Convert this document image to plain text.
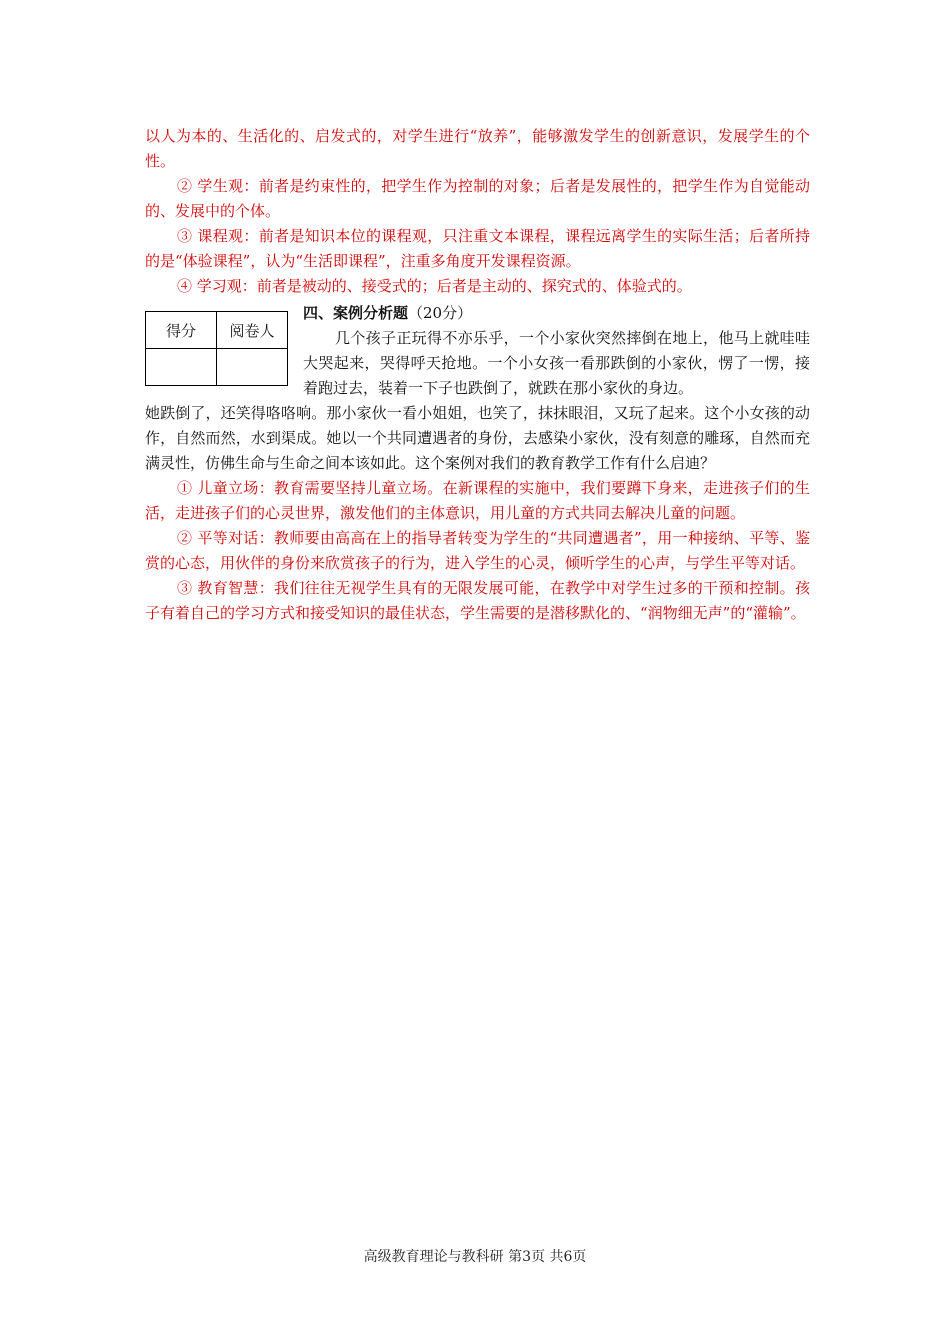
以人为本的、生活化的、启发式的，对学生进行“放养”，能够激发学生的创新意识，发展学生的个性。

② 学生观：前者是约束性的，把学生作为控制的对象；后者是发展性的，把学生作为自觉能动的、发展中的个体。

③ 课程观：前者是知识本位的课程观，只注重文本课程，课程远离学生的实际生活；后者所持的是“体验课程”，认为“生活即课程”，注重多角度开发课程资源。

④ 学习观：前者是被动的、接受式的；后者是主动的、探究式的、体验式的。

得分	阅卷人

四、案例分析题（20分）

几个孩子正玩得不亦乐乎，一个小家伙突然摔倒在地上，他马上就哇哇大哭起来，哭得呼天抢地。一个小女孩一看那跌倒的小家伙，愣了一愣，接着跑过去，装着一下子也跌倒了，就跌在那小家伙的身边。

她跌倒了，还笑得咯咯响。那小家伙一看小姐姐，也笑了，抹抹眼泪，又玩了起来。这个小女孩的动作，自然而然，水到渠成。她以一个共同遭遇者的身份，去感染小家伙，没有刻意的雕琢，自然而充满灵性，仿佛生命与生命之间本该如此。这个案例对我们的教育教学工作有什么启迪？

① 儿童立场：教育需要坚持儿童立场。在新课程的实施中，我们要蹲下身来，走进孩子们的生活，走进孩子们的心灵世界，激发他们的主体意识，用儿童的方式共同去解决儿童的问题。

② 平等对话：教师要由高高在上的指导者转变为学生的“共同遭遇者”，用一种接纳、平等、鉴赏的心态，用伙伴的身份来欣赏孩子的行为，进入学生的心灵，倾听学生的心声，与学生平等对话。

③ 教育智慧：我们往往无视学生具有的无限发展可能，在教学中对学生过多的干预和控制。孩子有着自己的学习方式和接受知识的最佳状态，学生需要的是潜移默化的、“润物细无声”的“灌输”。

高级教育理论与教科研 第3页 共6页
